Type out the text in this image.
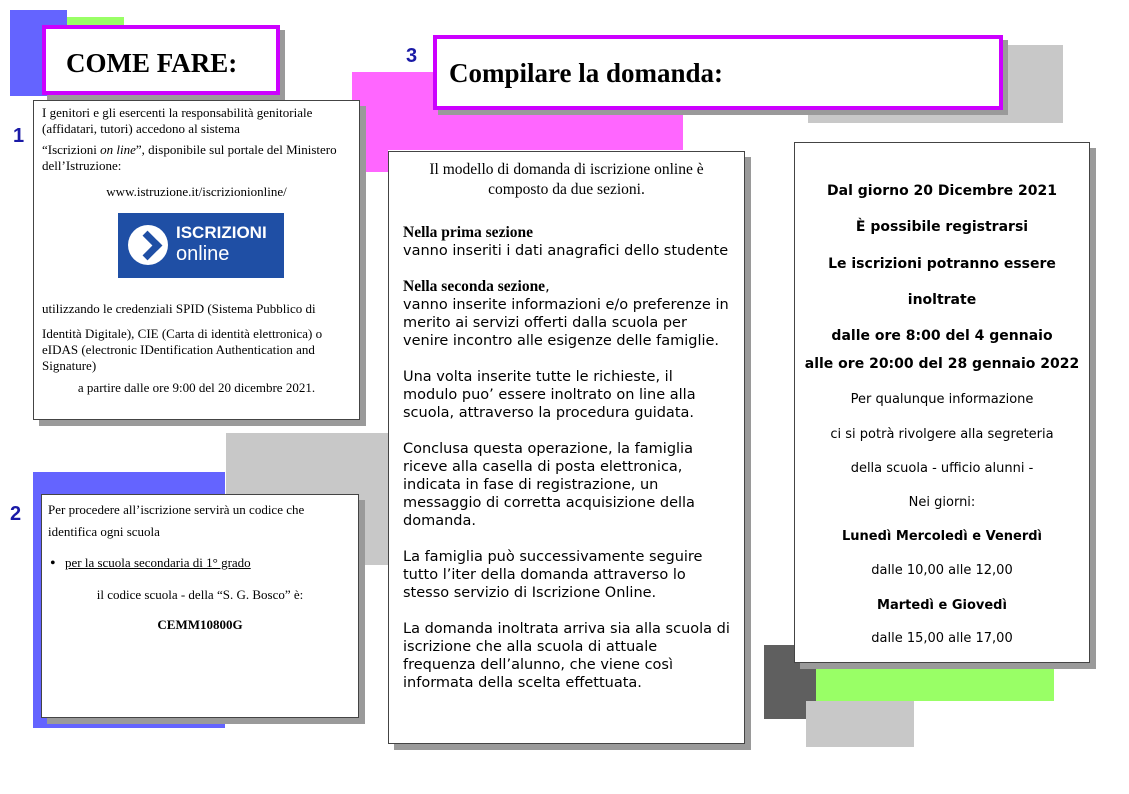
COME FARE:	3
Compilare la domanda:
1

I genitori e gli esercenti la responsabilità genitoriale (affidatari, tutori) accedono al sistema

“Iscrizioni on line”, disponibile sul portale del Ministero dell’Istruzione:

www.istruzione.it/iscrizionionline/

ISCRIZIONI
online

utilizzando le credenziali SPID (Sistema Pubblico di

Identità Digitale), CIE (Carta di identità elettronica) o eIDAS (electronic IDentification Authentication and Signature)

a partire dalle ore 9:00 del 20 dicembre 2021.

2 Per procedere all’iscrizione servirà un codice che identifica ogni scuola

• per la scuola secondaria di 1° grado

il codice scuola - della “S. G. Bosco” è:

CEMM10800G

Il modello di domanda di iscrizione online è composto da due sezioni.

Nella prima sezione
vanno inseriti i dati anagrafici dello studente

Nella seconda sezione,
vanno inserite informazioni e/o preferenze in merito ai servizi offerti dalla scuola per venire incontro alle esigenze delle famiglie.

Una volta inserite tutte le richieste, il modulo puo’ essere inoltrato on line alla scuola, attraverso la procedura guidata.

Conclusa questa operazione, la famiglia riceve alla casella di posta elettronica, indicata in fase di registrazione, un messaggio di corretta acquisizione della domanda.

La famiglia può successivamente seguire tutto l’iter della domanda attraverso lo stesso servizio di Iscrizione Online.

La domanda inoltrata arriva sia alla scuola di iscrizione che alla scuola di attuale frequenza dell’alunno, che viene così informata della scelta effettuata.

Dal giorno 20 Dicembre 2021
È possibile registrarsi
Le iscrizioni potranno essere
inoltrate
dalle ore 8:00 del 4 gennaio
alle ore 20:00 del 28 gennaio 2022
Per qualunque informazione
ci si potrà rivolgere alla segreteria
della scuola - ufficio alunni -
Nei giorni:
Lunedì Mercoledì e Venerdì
dalle 10,00 alle 12,00
Martedì e Giovedì
dalle 15,00 alle 17,00
